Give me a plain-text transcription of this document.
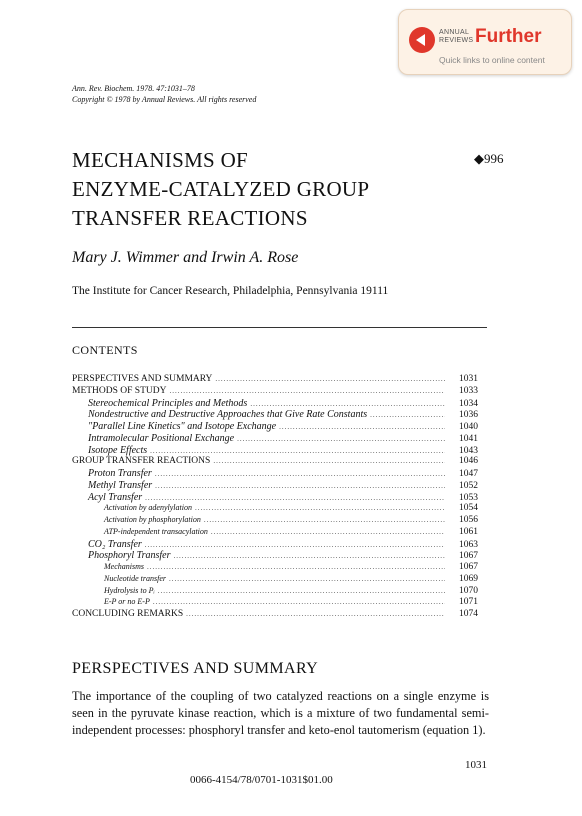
ANNUAL
REVIEWS Further
Quick links to online content
Ann. Rev. Biochem. 1978. 47:1031–78
Copyright © 1978 by Annual Reviews. All rights reserved
MECHANISMS OF
ENZYME-CATALYZED GROUP
TRANSFER REACTIONS
◆996
Mary J. Wimmer and Irwin A. Rose
The Institute for Cancer Research, Philadelphia, Pennsylvania 19111
CONTENTS
PERSPECTIVES AND SUMMARY .....	1031
METHODS OF STUDY .....	1033
Stereochemical Principles and Methods .....	1034
Nondestructive and Destructive Approaches that Give Rate Constants .....	1036
"Parallel Line Kinetics" and Isotope Exchange .....	1040
Intramolecular Positional Exchange .....	1041
Isotope Effects .....	1043
GROUP TRANSFER REACTIONS .....	1046
Proton Transfer .....	1047
Methyl Transfer .....	1052
Acyl Transfer .....	1053
Activation by adenylylation .....	1054
Activation by phosphorylation .....	1056
ATP-independent transacylation .....	1061
CO₂ Transfer .....	1063
Phosphoryl Transfer .....	1067
Mechanisms .....	1067
Nucleotide transfer .....	1069
Hydrolysis to Pᵢ .....	1070
E-P or no E-P .....	1071
CONCLUDING REMARKS .....	1074
PERSPECTIVES AND SUMMARY
The importance of the coupling of two catalyzed reactions on a single enzyme is seen in the pyruvate kinase reaction, which is a mixture of two fundamental semi-independent processes: phosphoryl transfer and keto-enol tautomerism (equation 1).
1031
0066-4154/78/0701-1031$01.00
